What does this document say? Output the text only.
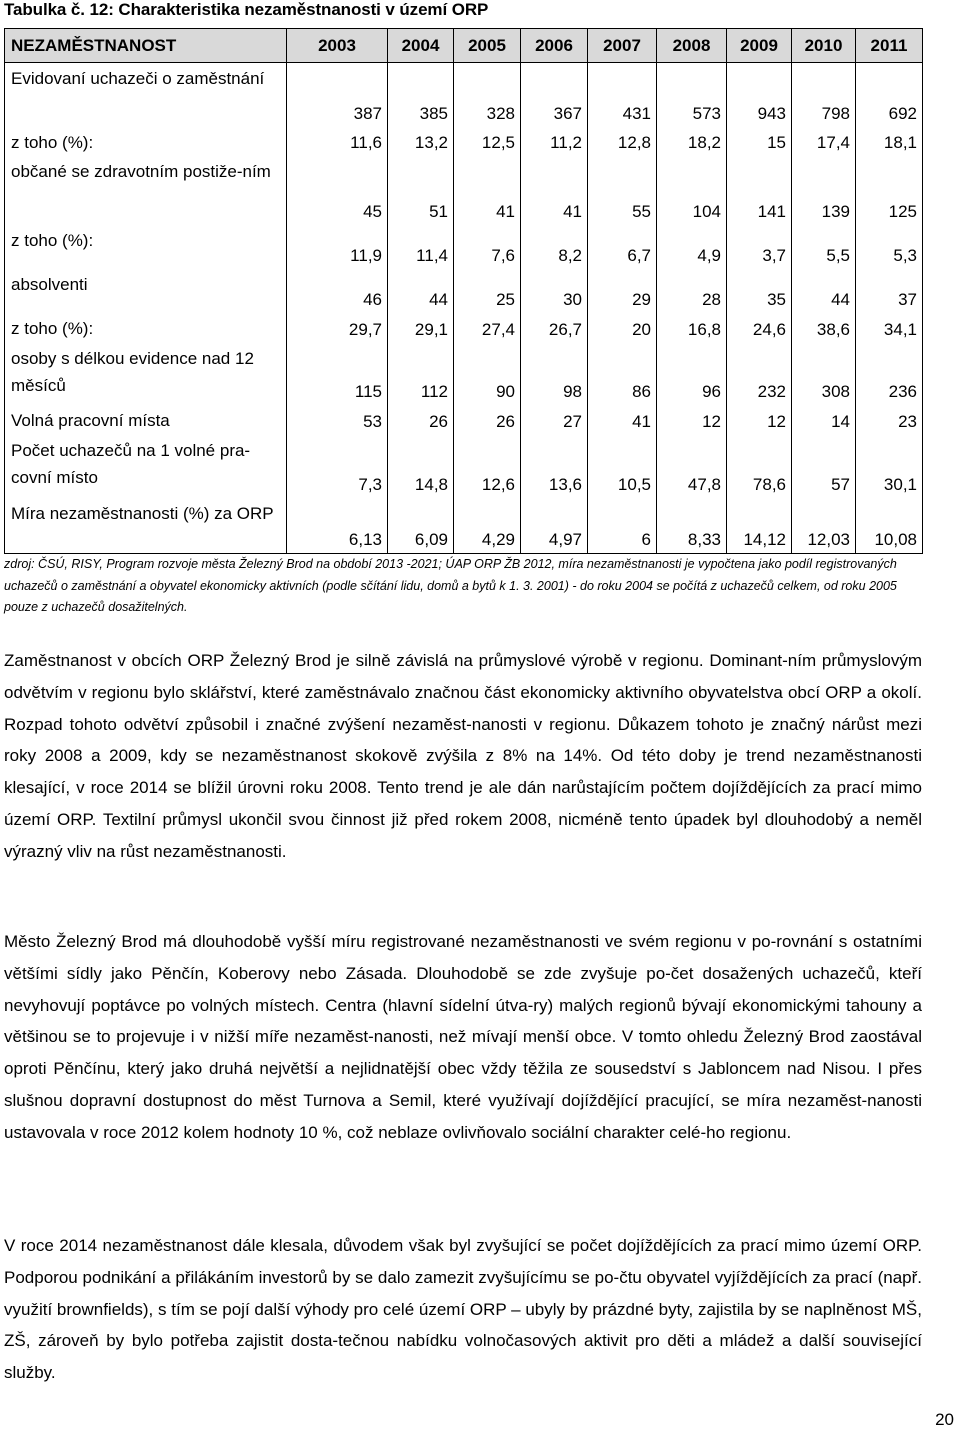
Tabulka č. 12: Charakteristika nezaměstnanosti v území ORP
NEZAMĚSTNANOST	2003	2004	2005	2006	2007	2008	2009	2010	2011
Evidovaní uchazeči o zaměstnání	387	385	328	367	431	573	943	798	692
z toho (%):	11,6	13,2	12,5	11,2	12,8	18,2	15	17,4	18,1
občané se zdravotním postiže-ním	45	51	41	41	55	104	141	139	125
z toho (%):	11,9	11,4	7,6	8,2	6,7	4,9	3,7	5,5	5,3
absolventi	46	44	25	30	29	28	35	44	37
z toho (%):	29,7	29,1	27,4	26,7	20	16,8	24,6	38,6	34,1
osoby s délkou evidence nad 12 měsíců	115	112	90	98	86	96	232	308	236
Volná pracovní místa	53	26	26	27	41	12	12	14	23
Počet uchazečů na 1 volné pra-covní místo	7,3	14,8	12,6	13,6	10,5	47,8	78,6	57	30,1
Míra nezaměstnanosti (%) za ORP	6,13	6,09	4,29	4,97	6	8,33	14,12	12,03	10,08
zdroj: ČSÚ, RISY, Program rozvoje města Železný Brod na období 2013 -2021; ÚAP ORP ŽB 2012, míra nezaměstnanosti je vypočtena jako podíl registrovaných uchazečů o zaměstnání a obyvatel ekonomicky aktivních (podle sčítání lidu, domů a bytů k 1. 3. 2001) - do roku 2004 se počítá z uchazečů celkem, od roku 2005 pouze z uchazečů dosažitelných.

Zaměstnanost v obcích ORP Železný Brod je silně závislá na průmyslové výrobě v regionu. Dominant-ním průmyslovým odvětvím v regionu bylo sklářství, které zaměstnávalo značnou část ekonomicky aktivního obyvatelstva obcí ORP a okolí. Rozpad tohoto odvětví způsobil i značné zvýšení nezaměst-nanosti v regionu. Důkazem tohoto je značný nárůst mezi roky 2008 a 2009, kdy se nezaměstnanost skokově zvýšila z 8% na 14%. Od této doby je trend nezaměstnanosti klesající, v roce 2014 se blížil úrovni roku 2008. Tento trend je ale dán narůstajícím počtem dojíždějících za prací mimo území ORP. Textilní průmysl ukončil svou činnost již před rokem 2008, nicméně tento úpadek byl dlouhodobý a neměl výrazný vliv na růst nezaměstnanosti.

Město Železný Brod má dlouhodobě vyšší míru registrované nezaměstnanosti ve svém regionu v po-rovnání s ostatními většími sídly jako Pěnčín, Koberovy nebo Zásada. Dlouhodobě se zde zvyšuje po-čet dosažených uchazečů, kteří nevyhovují poptávce po volných místech. Centra (hlavní sídelní útva-ry) malých regionů bývají ekonomickými tahouny a většinou se to projevuje i v nižší míře nezaměst-nanosti, než mívají menší obce. V tomto ohledu Železný Brod zaostával oproti Pěnčínu, který jako druhá největší a nejlidnatější obec vždy těžila ze sousedství s Jabloncem nad Nisou. I přes slušnou dopravní dostupnost do měst Turnova a Semil, které využívají dojíždějící pracující, se míra nezaměst-nanosti ustavovala v roce 2012 kolem hodnoty 10 %, což neblaze ovlivňovalo sociální charakter celé-ho regionu.

V roce 2014 nezaměstnanost dále klesala, důvodem však byl zvyšující se počet dojíždějících za prací mimo území ORP. Podporou podnikání a přilákáním investorů by se dalo zamezit zvyšujícímu se po-čtu obyvatel vyjíždějících za prací (např. využití brownfields), s tím se pojí další výhody pro celé území ORP – ubyly by prázdné byty, zajistila by se naplněnost MŠ, ZŠ, zároveň by bylo potřeba zajistit dosta-tečnou nabídku volnočasových aktivit pro děti a mládež a další související služby.

20
